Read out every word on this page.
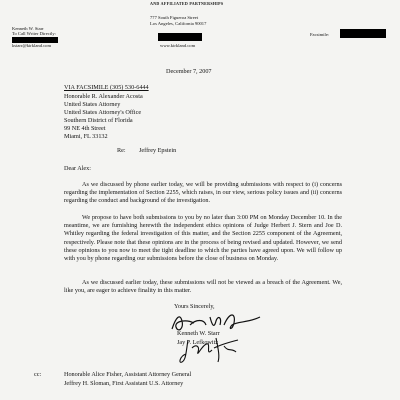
AND AFFILIATED PARTNERSHIPS
777 South Figueroa Street
Los Angeles, California 90017
www.kirkland.com
Kenneth W. Starr
To Call Writer Directly:
kstarr@kirkland.com
Facsimile:
December 7, 2007
VIA FACSIMILE (305) 530-6444
Honorable R. Alexander Acosta
United States Attorney
United States Attorney's Office
Southern District of Florida
99 NE 4th Street
Miami, FL 33132
Re: Jeffrey Epstein
Dear Alex:
As we discussed by phone earlier today, we will be providing submissions with respect to (i) concerns regarding the implementation of Section 2255, which raises, in our view, serious policy issues and (ii) concerns regarding the conduct and background of the investigation.
We propose to have both submissions to you by no later than 3:00 PM on Monday December 10. In the meantime, we are furnishing herewith the independent ethics opinions of Judge Herbert J. Stern and Joe D. Whitley regarding the federal investigation of this matter, and the Section 2255 component of the Agreement, respectively. Please note that these opinions are in the process of being revised and updated. However, we send these opinions to you now to meet the tight deadline to which the parties have agreed upon. We will follow up with you by phone regarding our submissions before the close of business on Monday.
As we discussed earlier today, these submissions will not be viewed as a breach of the Agreement. We, like you, are eager to achieve finality in this matter.
Yours Sincerely,
Kenneth W. Starr
Jay P. Lefkowitz
cc:	Honorable Alice Fisher, Assistant Attorney General
Jeffrey H. Sloman, First Assistant U.S. Attorney
